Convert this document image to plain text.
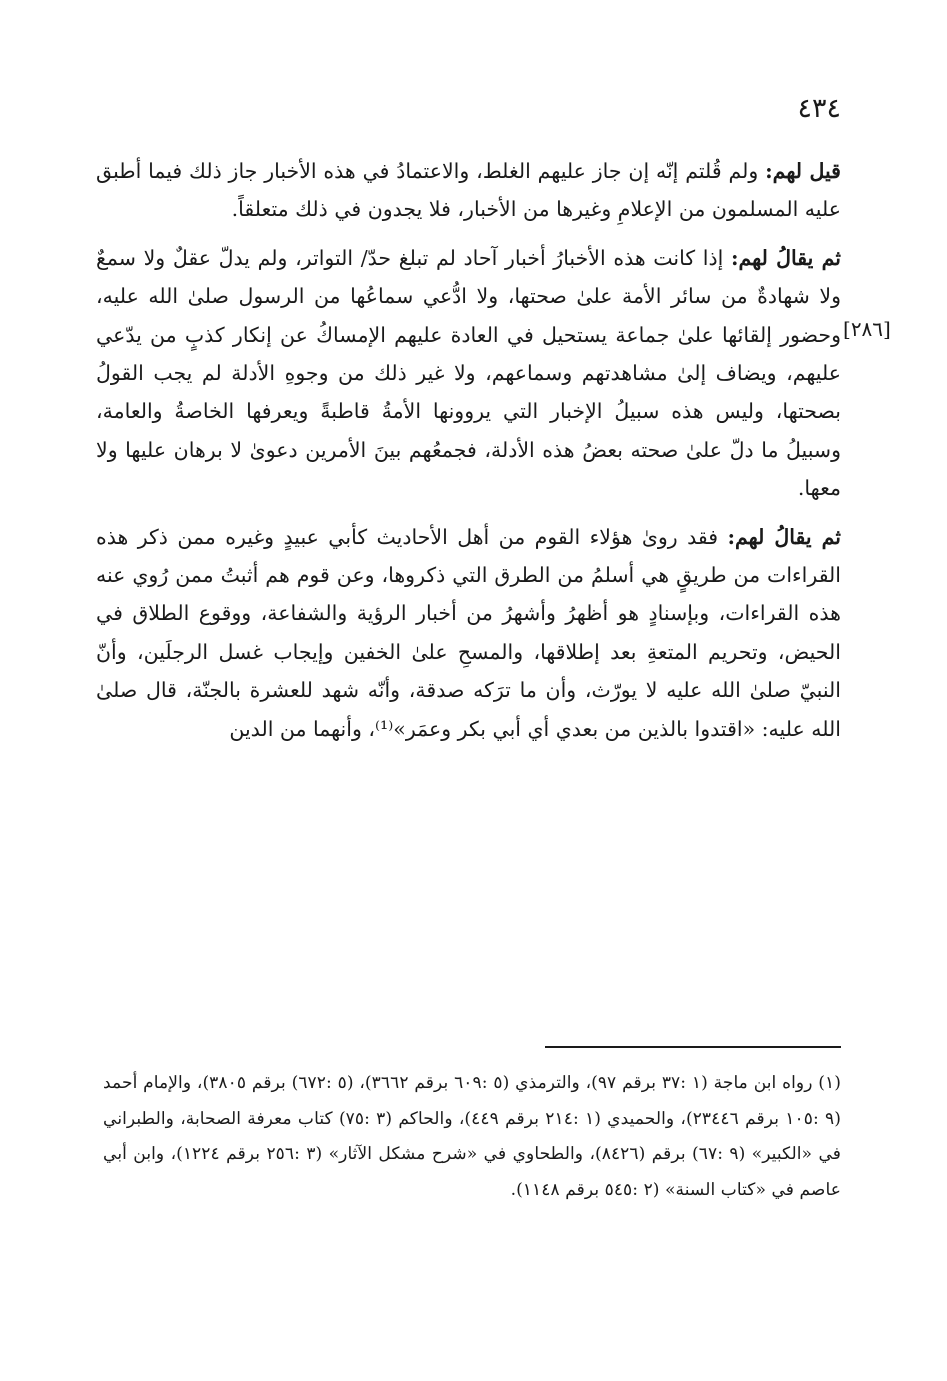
٤٣٤
[٢٨٦]

قيل لهم: ولم قُلتم إنّه إن جاز عليهم الغلط، والاعتمادُ في هذه الأخبار جاز ذلك فيما أطبق عليه المسلمون من الإعلامِ وغيرها من الأخبار، فلا يجدون في ذلك متعلقاً.

ثم يقالُ لهم: إذا كانت هذه الأخبارُ أخبار آحاد لم تبلغ حدّ/ التواتر، ولم يدلّ عقلٌ ولا سمعٌ ولا شهادةٌ من سائر الأمة علىٰ صحتها، ولا ادُّعي سماعُها من الرسول صلىٰ الله عليه، وحضور إلقائها علىٰ جماعة يستحيل في العادة عليهم الإمساكُ عن إنكار كذبٍ من يدّعي عليهم، ويضاف إلىٰ مشاهدتهم وسماعهم، ولا غير ذلك من وجوهِ الأدلة لم يجب القولُ بصحتها، وليس هذه سبيلُ الإخبار التي يروونها الأمةُ قاطبةً ويعرفها الخاصةُ والعامة، وسبيلُ ما دلّ علىٰ صحته بعضُ هذه الأدلة، فجمعُهم بينَ الأمرين دعوىٰ لا برهان عليها ولا معها.

ثم يقالُ لهم: فقد روىٰ هؤلاء القوم من أهل الأحاديث كأبي عبيدٍ وغيره ممن ذكر هذه القراءات من طريقٍ هي أسلمُ من الطرق التي ذكروها، وعن قوم هم أثبتُ ممن رُوي عنه هذه القراءات، وبإسنادٍ هو أظهرُ وأشهرُ من أخبار الرؤية والشفاعة، ووقوع الطلاق في الحيض، وتحريم المتعةِ بعد إطلاقها، والمسحِ علىٰ الخفين وإيجاب غسل الرجلَين، وأنّ النبيّ صلىٰ الله عليه لا يورّث، وأن ما ترَكه صدقة، وأنّه شهد للعشرة بالجنّة، قال صلىٰ الله عليه: «اقتدوا بالذين من بعدي أي أبي بكر وعمَر»⁽¹⁾، وأنهما من الدين

(١) رواه ابن ماجة (١ :٣٧ برقم ٩٧)، والترمذي (٥ :٦٠٩ برقم ٣٦٦٢)، (٥ :٦٧٢) برقم ٣٨٠٥)، والإمام أحمد (٩ :١٠٥ برقم ٢٣٤٤٦)، والحميدي (١ :٢١٤ برقم ٤٤٩)، والحاكم (٣ :٧٥) كتاب معرفة الصحابة، والطبراني في «الكبير» (٩ :٦٧) برقم (٨٤٢٦)، والطحاوي في «شرح مشكل الآثار» (٣ :٢٥٦ برقم ١٢٢٤)، وابن أبي عاصم في «كتاب السنة» (٢ :٥٤٥ برقم ١١٤٨).
